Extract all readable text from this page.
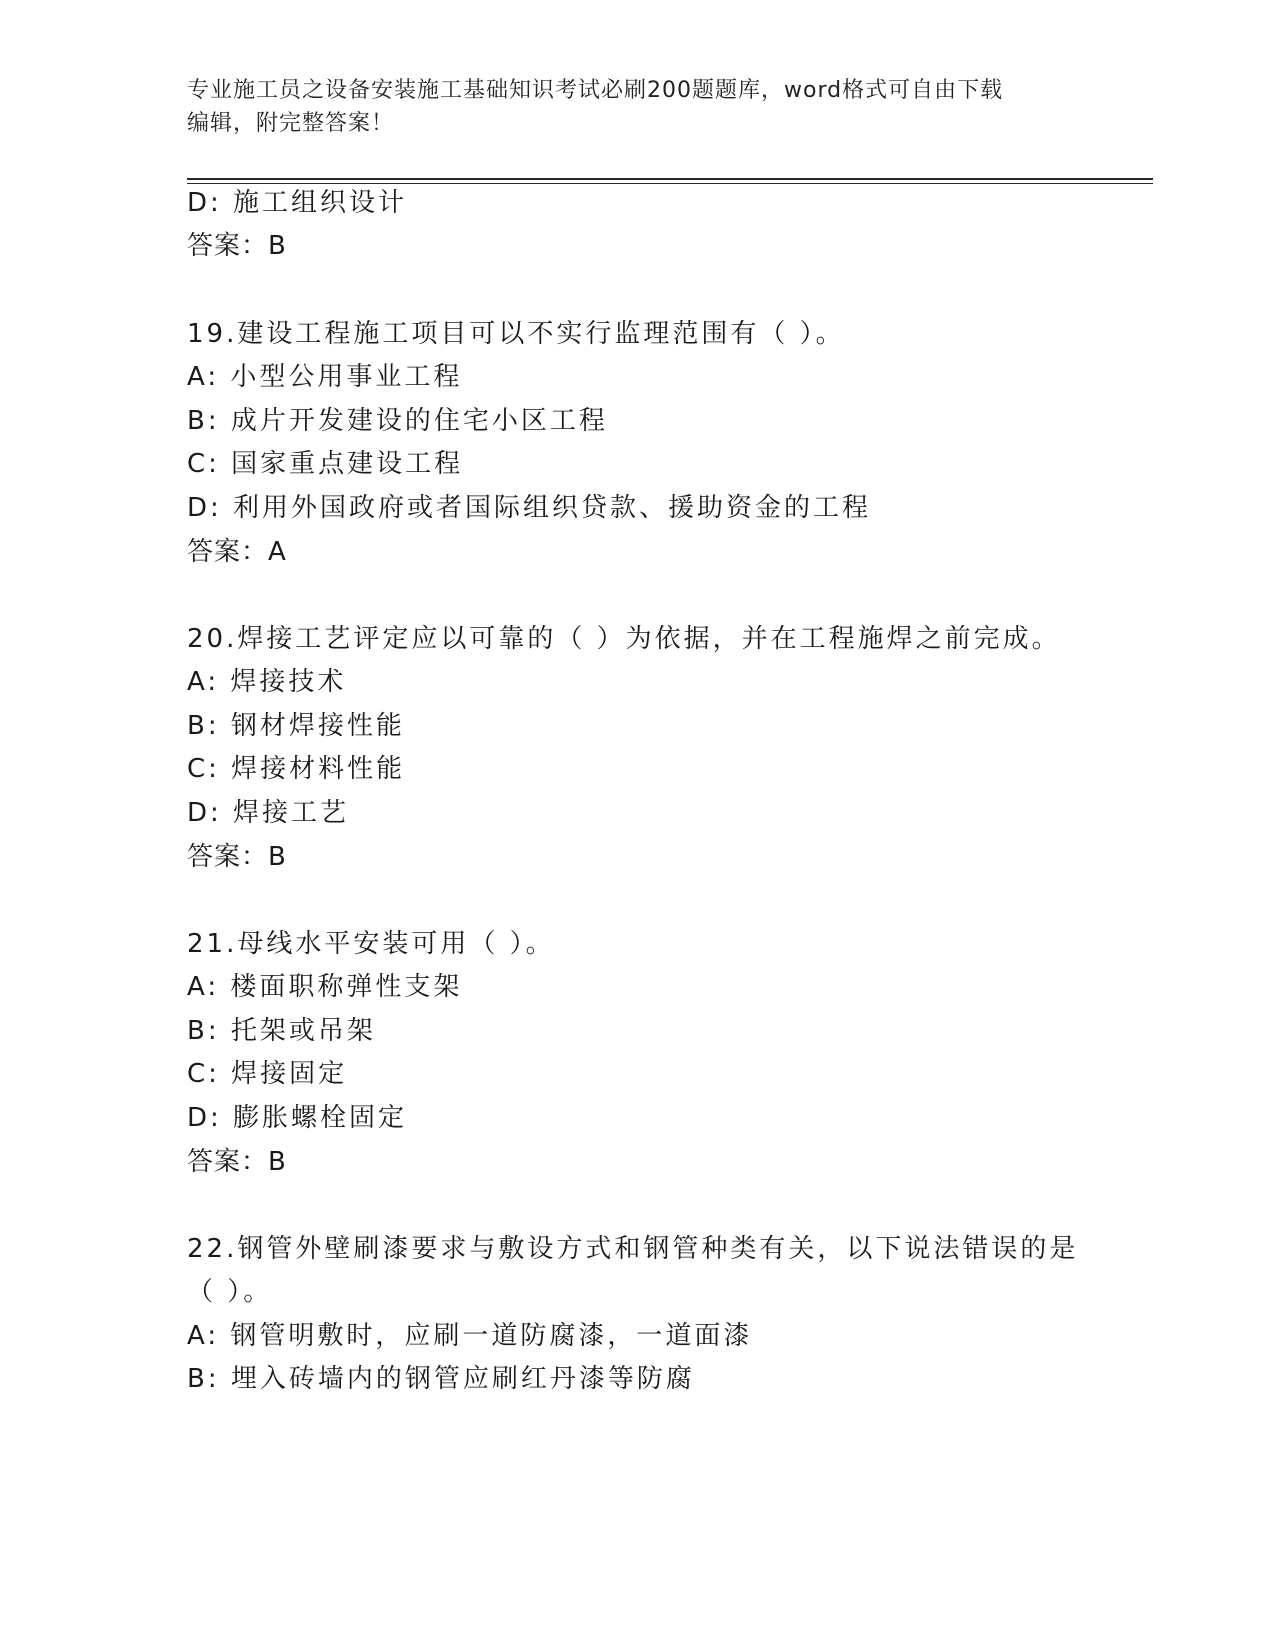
专业施工员之设备安装施工基础知识考试必刷200题题库，word格式可自由下载
编辑，附完整答案！
D: 施工组织设计
答案：B
19.建设工程施工项目可以不实行监理范围有（ ）。
A: 小型公用事业工程
B: 成片开发建设的住宅小区工程
C: 国家重点建设工程
D: 利用外国政府或者国际组织贷款、援助资金的工程
答案：A
20.焊接工艺评定应以可靠的（ ）为依据，并在工程施焊之前完成。
A: 焊接技术
B: 钢材焊接性能
C: 焊接材料性能
D: 焊接工艺
答案：B
21.母线水平安装可用（ ）。
A: 楼面职称弹性支架
B: 托架或吊架
C: 焊接固定
D: 膨胀螺栓固定
答案：B
22.钢管外壁刷漆要求与敷设方式和钢管种类有关，以下说法错误的是
（ ）。
A: 钢管明敷时，应刷一道防腐漆，一道面漆
B: 埋入砖墙内的钢管应刷红丹漆等防腐
